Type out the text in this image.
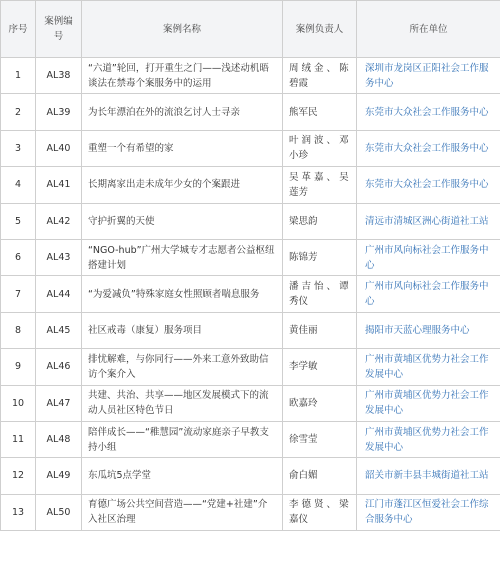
序号	案例编号	案例名称	案例负责人	所在单位
1	AL38	“六道”轮回，打开重生之门——浅述动机晤谈法在禁毒个案服务中的运用	周 绒 金 、 陈碧霞	深圳市龙岗区正阳社会工作服务中心
2	AL39	为长年漂泊在外的流浪乞讨人士寻亲	熊军民	东莞市大众社会工作服务中心
3	AL40	重塑一个有希望的家	叶 润 波 、 邓小珍	东莞市大众社会工作服务中心
4	AL41	长期离家出走未成年少女的个案跟进	吴 革 嘉 、 吴莲芳	东莞市大众社会工作服务中心
5	AL42	守护折翼的天使	梁思韵	清远市清城区洲心街道社工站
6	AL43	“NGO-hub”广州大学城专才志愿者公益枢纽搭建计划	陈锦芳	广州市风向标社会工作服务中心
7	AL44	“为爱减负”特殊家庭女性照顾者喘息服务	潘 吉 怡 、 谭秀仪	广州市风向标社会工作服务中心
8	AL45	社区戒毒（康复）服务项目	黄佳丽	揭阳市天蓝心理服务中心
9	AL46	排忧解难，与你同行——外来工意外致助信访个案介入	李学敏	广州市黄埔区优势力社会工作发展中心
10	AL47	共建、共治、共享——地区发展模式下的流动人员社区特色节日	欧嘉玲	广州市黄埔区优势力社会工作发展中心
11	AL48	陪伴成长——“稚慧园”流动家庭亲子早教支持小组	徐雪莹	广州市黄埔区优势力社会工作发展中心
12	AL49	东瓜坑5点学堂	俞白媚	韶关市新丰县丰城街道社工站
13	AL50	育德广场公共空间营造——“党建+社建”介入社区治理	李 德 贤 、 梁嘉仪	江门市蓬江区恒爱社会工作综合服务中心
